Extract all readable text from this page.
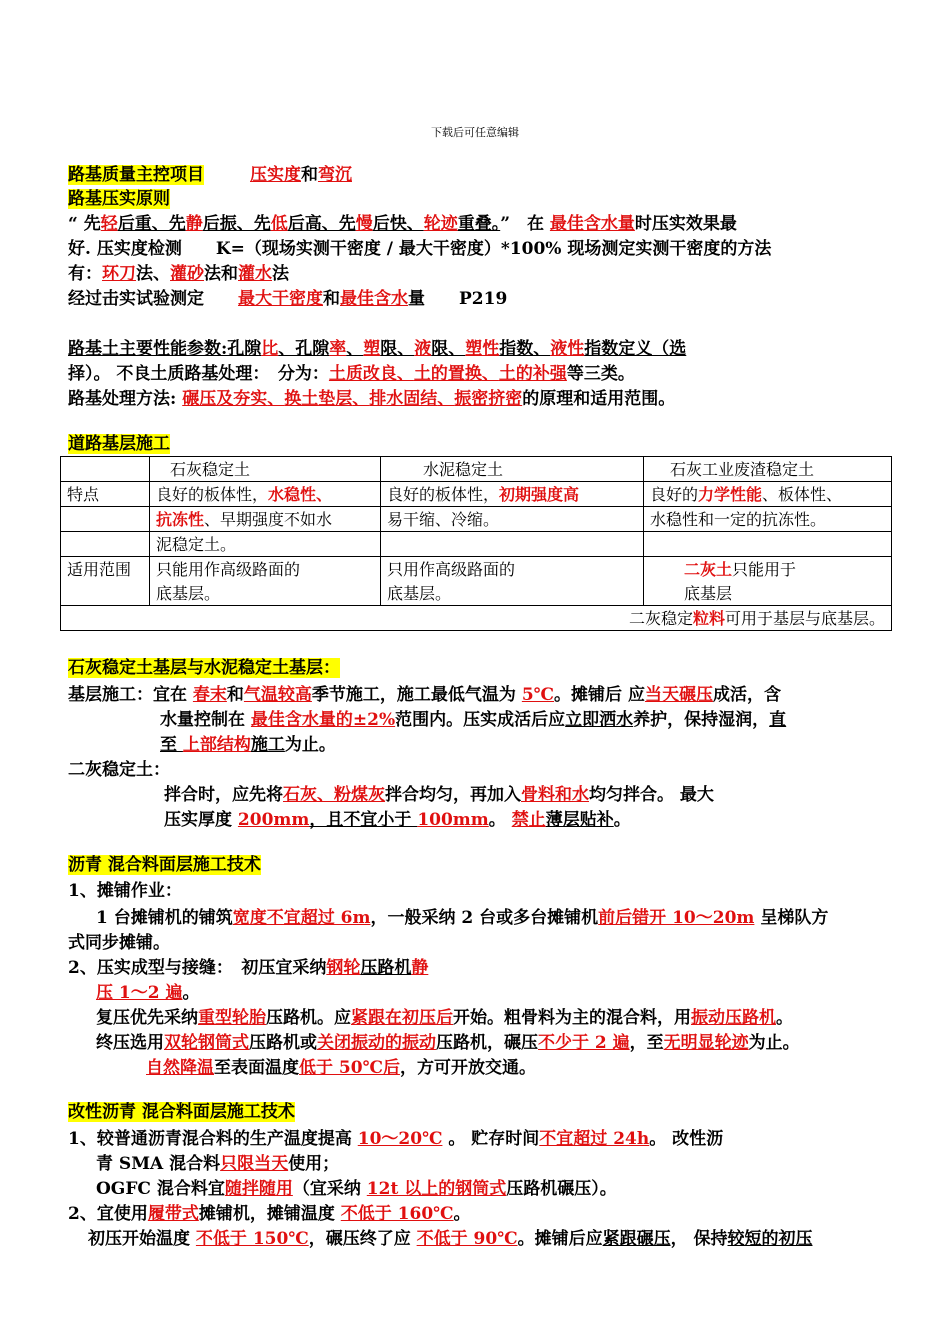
下载后可任意编辑
路基质量主控项目	压实度和弯沉
路基压实原则
“ 先轻后重、先静后振、先低后高、先慢后快、轮迹重叠。”　在 最佳含水量时压实效果最
好. 压实度检测　　K=（现场实测干密度 / 最大干密度）*100% 现场测定实测干密度的方法
有：环刀法、灌砂法和灌水法
经过击实试验测定　　最大干密度和最佳含水量　　P219
路基土主要性能参数:孔隙比、孔隙率、塑限、液限、塑性指数、液性指数定义（选
择）。 不良土质路基处理：　分为：土质改良、土的置换、土的补强等三类。
路基处理方法: 碾压及夯实、换土垫层、排水固结、振密挤密的原理和适用范围。
道路基层施工
	石灰稳定土	水泥稳定土	石灰工业废渣稳定土
特点	良好的板体性，水稳性、	良好的板体性，初期强度高	良好的力学性能、板体性、
	抗冻性、早期强度不如水	易干缩、冷缩。	水稳性和一定的抗冻性。
	泥稳定土。		
适用范围	只能用作高级路面的	只用作高级路面的	二灰土只能用于
	底基层。	底基层。	底基层
二灰稳定粒料可用于基层与底基层。			
石灰稳定土基层与水泥稳定土基层：
基层施工：宜在 春末和气温较高季节施工，施工最低气温为 5℃。摊铺后 应当天碾压成活，含
水量控制在 最佳含水量的±2%范围内。压实成活后应立即洒水养护，保持湿润，直
至 上部结构施工为止。
二灰稳定土：
拌合时，应先将石灰、粉煤灰拌合均匀，再加入骨料和水均匀拌合。 最大
压实厚度 200mm，且不宜小于 100mm。 禁止薄层贴补。
沥青 混合料面层施工技术
1、摊铺作业：
1 台摊铺机的铺筑宽度不宜超过 6m，一般采纳 2 台或多台摊铺机前后错开 10～20m 呈梯队方
式同步摊铺。
2、压实成型与接缝：　初压宜采纳钢轮压路机静
压 1～2 遍。
复压优先采纳重型轮胎压路机。应紧跟在初压后开始。粗骨料为主的混合料，用振动压路机。
终压选用双轮钢筒式压路机或关闭振动的振动压路机，碾压不少于 2 遍，至无明显轮迹为止。
自然降温至表面温度低于 50℃后，方可开放交通。
改性沥青 混合料面层施工技术
1、较普通沥青混合料的生产温度提高 10～20℃ 。 贮存时间不宜超过 24h。 改性沥
青 SMA 混合料只限当天使用；
OGFC 混合料宜随拌随用（宜采纳 12t 以上的钢筒式压路机碾压）。
2、宜使用履带式摊铺机，摊铺温度 不低于 160℃。
初压开始温度 不低于 150℃，碾压终了应 不低于 90℃。摊铺后应紧跟碾压， 保持较短的初压
